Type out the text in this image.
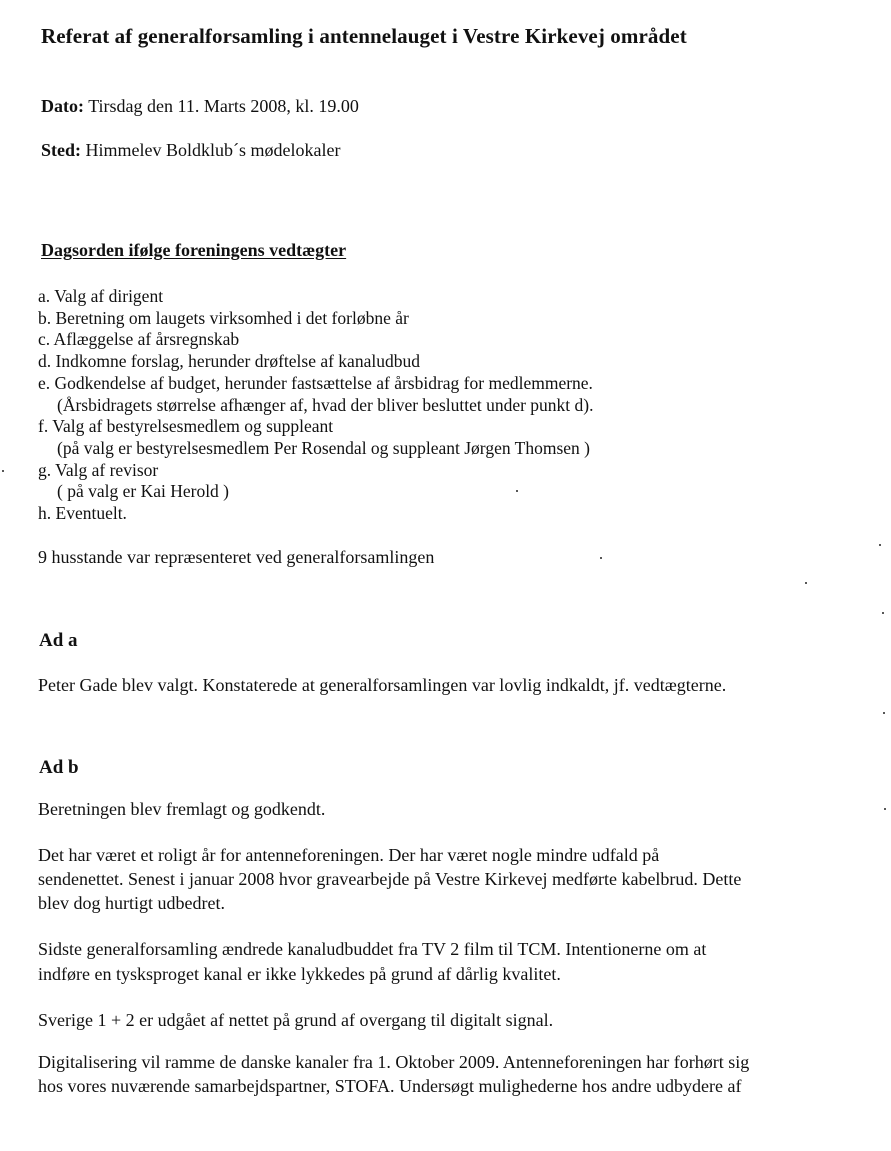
Referat af generalforsamling i antennelauget i Vestre Kirkevej området
Dato: Tirsdag den 11. Marts 2008, kl. 19.00
Sted: Himmelev Boldklub´s mødelokaler
Dagsorden ifølge foreningens vedtægter
a. Valg af dirigent
b. Beretning om laugets virksomhed i det forløbne år
c. Aflæggelse af årsregnskab
d. Indkomne forslag, herunder drøftelse af kanaludbud
e. Godkendelse af budget, herunder fastsættelse af årsbidrag for medlemmerne.
(Årsbidragets størrelse afhænger af, hvad der bliver besluttet under punkt d).
f. Valg af bestyrelsesmedlem og suppleant
(på valg er bestyrelsesmedlem Per Rosendal og suppleant Jørgen Thomsen )
g. Valg af revisor
( på valg er Kai Herold )
h. Eventuelt.
9 husstande var repræsenteret ved generalforsamlingen
Ad a
Peter Gade blev valgt. Konstaterede at generalforsamlingen var lovlig indkaldt, jf. vedtægterne.
Ad b
Beretningen blev fremlagt og godkendt.
Det har været et roligt år for antenneforeningen. Der har været nogle mindre udfald på
sendenettet. Senest i januar 2008 hvor gravearbejde på Vestre Kirkevej medførte kabelbrud. Dette
blev dog hurtigt udbedret.
Sidste generalforsamling ændrede kanaludbuddet fra TV 2 film til TCM. Intentionerne om at
indføre en tysksproget kanal er ikke lykkedes på grund af dårlig kvalitet.
Sverige 1 + 2 er udgået af nettet på grund af overgang til digitalt signal.
Digitalisering vil ramme de danske kanaler fra 1. Oktober 2009. Antenneforeningen har forhørt sig
hos vores nuværende samarbejdspartner, STOFA. Undersøgt mulighederne hos andre udbydere af
